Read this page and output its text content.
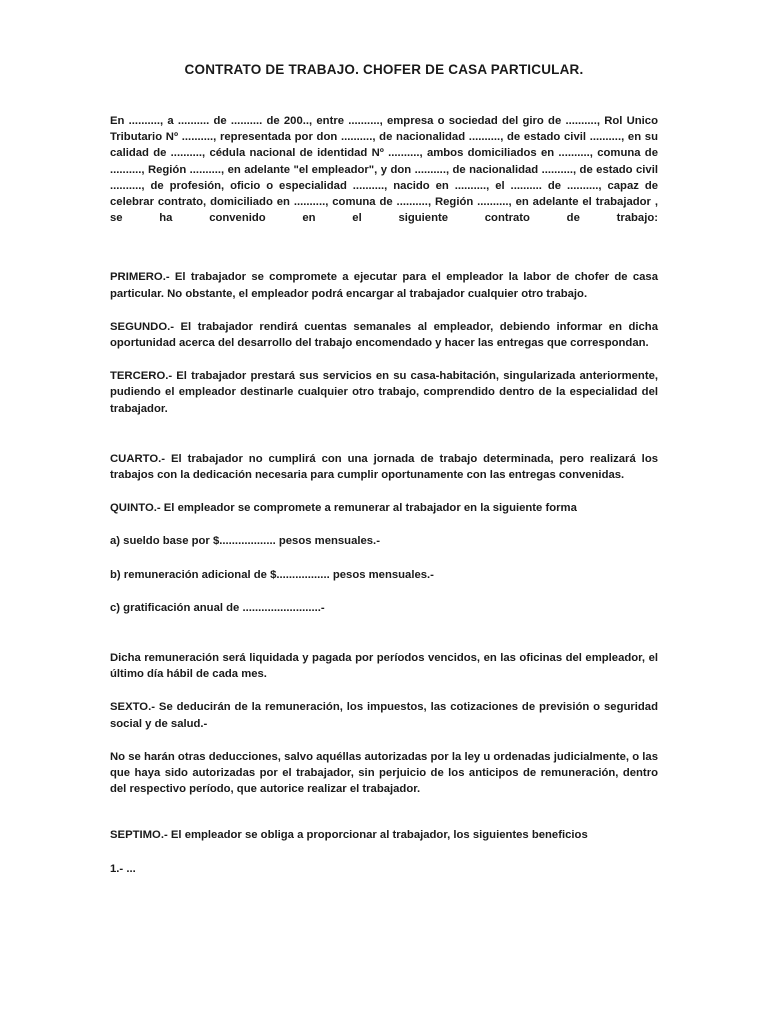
CONTRATO DE TRABAJO. CHOFER DE CASA PARTICULAR.

En .........., a .......... de .......... de 200.., entre .........., empresa o sociedad del giro de .........., Rol Unico Tributario Nº .........., representada por don .........., de nacionalidad .........., de estado civil .........., en su calidad de .........., cédula nacional de identidad Nº .........., ambos domiciliados en .........., comuna de .........., Región .........., en adelante "el empleador", y don .........., de nacionalidad .........., de estado civil .........., de profesión, oficio o especialidad .........., nacido en .........., el .......... de .........., capaz de celebrar contrato, domiciliado en .........., comuna de .........., Región .........., en adelante el trabajador , se ha convenido en el siguiente contrato de trabajo:

PRIMERO.- El trabajador se compromete a ejecutar para el empleador la labor de chofer de casa particular. No obstante, el empleador podrá encargar al trabajador cualquier otro trabajo.

SEGUNDO.- El trabajador rendirá cuentas semanales al empleador, debiendo informar en dicha oportunidad acerca del desarrollo del trabajo encomendado y hacer las entregas que correspondan.

TERCERO.- El trabajador prestará sus servicios en su casa-habitación, singularizada anteriormente, pudiendo el empleador destinarle cualquier otro trabajo, comprendido dentro de la especialidad del trabajador.

CUARTO.- El trabajador no cumplirá con una jornada de trabajo determinada, pero realizará los trabajos con la dedicación necesaria para cumplir oportunamente con las entregas convenidas.

QUINTO.- El empleador se compromete a remunerar al trabajador en la siguiente forma

a) sueldo base por $.................. pesos mensuales.-

b) remuneración adicional de $................. pesos mensuales.-

c) gratificación anual de .........................-

Dicha remuneración será liquidada y pagada por períodos vencidos, en las oficinas del empleador, el último día hábil de cada mes.

SEXTO.- Se deducirán de la remuneración, los impuestos, las cotizaciones de previsión o seguridad social y de salud.-

No se harán otras deducciones, salvo aquéllas autorizadas por la ley u ordenadas judicialmente, o las que haya sido autorizadas por el trabajador, sin perjuicio de los anticipos de remuneración, dentro del respectivo período, que autorice realizar el trabajador.

SEPTIMO.- El empleador se obliga a proporcionar al trabajador, los siguientes beneficios

1.- ...
